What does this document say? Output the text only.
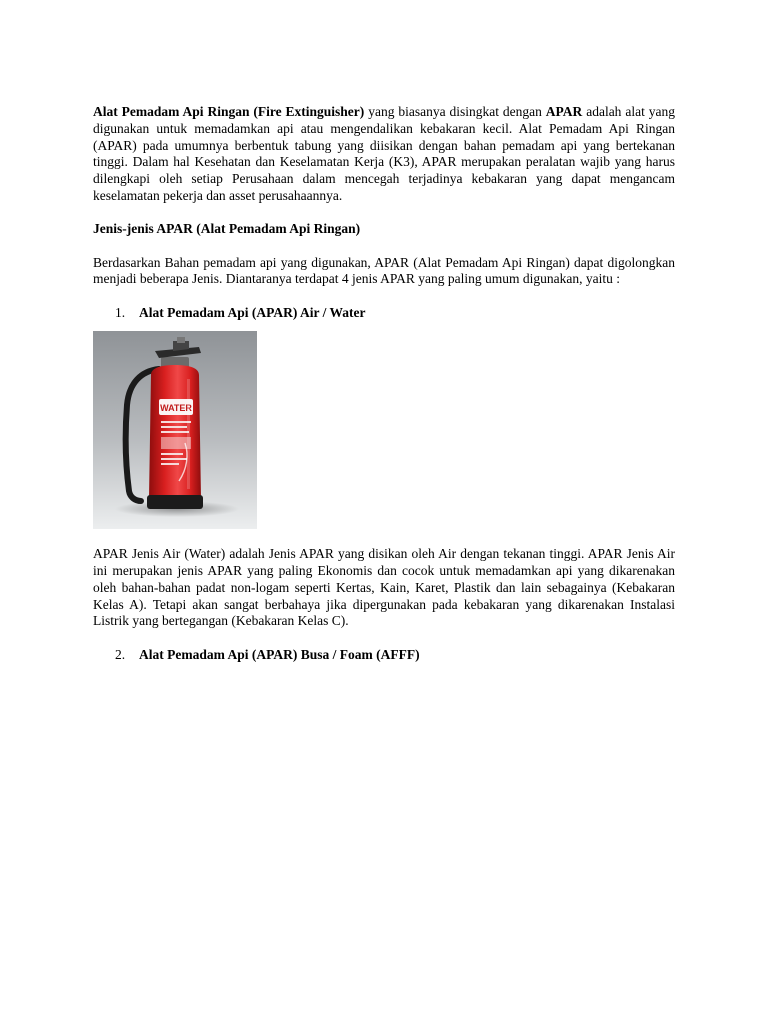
Alat Pemadam Api Ringan (Fire Extinguisher) yang biasanya disingkat dengan APAR adalah alat yang digunakan untuk memadamkan api atau mengendalikan kebakaran kecil. Alat Pemadam Api Ringan (APAR) pada umumnya berbentuk tabung yang diisikan dengan bahan pemadam api yang bertekanan tinggi. Dalam hal Kesehatan dan Keselamatan Kerja (K3), APAR merupakan peralatan wajib yang harus dilengkapi oleh setiap Perusahaan dalam mencegah terjadinya kebakaran yang dapat mengancam keselamatan pekerja dan asset perusahaannya.

Jenis-jenis APAR (Alat Pemadam Api Ringan)

Berdasarkan Bahan pemadam api yang digunakan, APAR (Alat Pemadam Api Ringan) dapat digolongkan menjadi beberapa Jenis. Diantaranya terdapat 4 jenis APAR yang paling umum digunakan, yaitu :

1. Alat Pemadam Api (APAR) Air / Water
WATER

APAR Jenis Air (Water) adalah Jenis APAR yang disikan oleh Air dengan tekanan tinggi. APAR Jenis Air ini merupakan jenis APAR yang paling Ekonomis dan cocok untuk memadamkan api yang dikarenakan oleh bahan-bahan padat non-logam seperti Kertas, Kain, Karet, Plastik dan lain sebagainya (Kebakaran Kelas A). Tetapi akan sangat berbahaya jika dipergunakan pada kebakaran yang dikarenakan Instalasi Listrik yang bertegangan (Kebakaran Kelas C).

2. Alat Pemadam Api (APAR) Busa / Foam (AFFF)
